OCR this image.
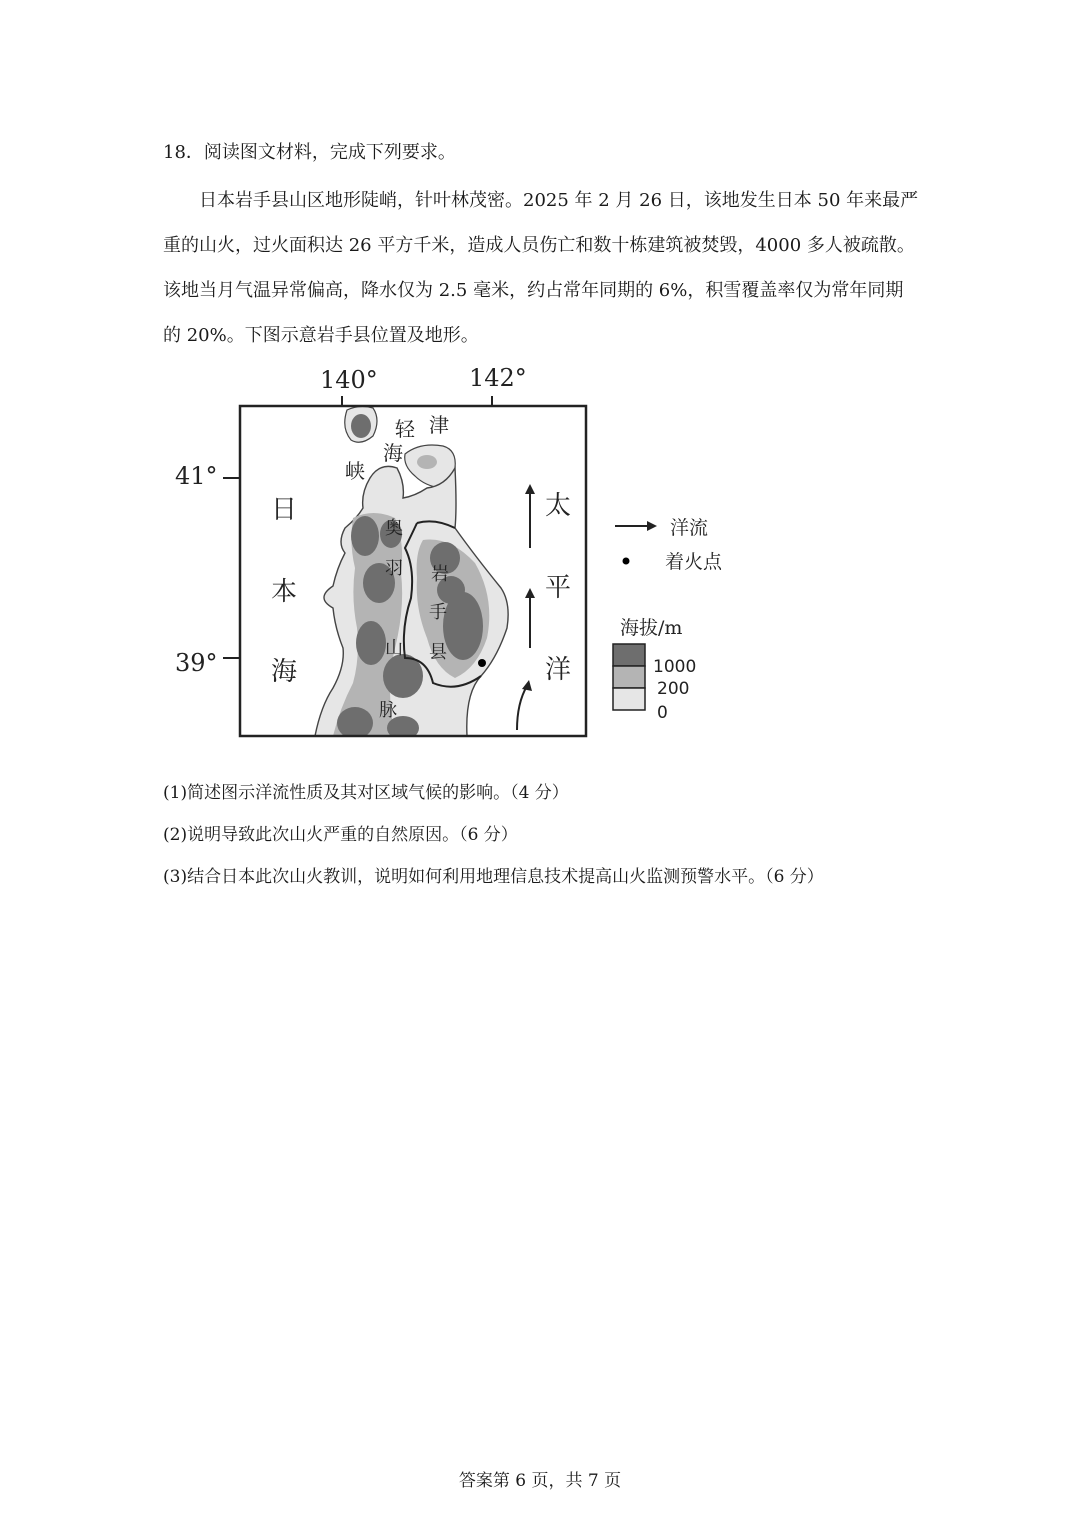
18．阅读图文材料，完成下列要求。

日本岩手县山区地形陡峭，针叶林茂密。2025 年 2 月 26 日，该地发生日本 50 年来最严重的山火，过火面积达 26 平方千米，造成人员伤亡和数十栋建筑被焚毁，4000 多人被疏散。该地当月气温异常偏高，降水仅为 2.5 毫米，约占常年同期的 6%，积雪覆盖率仅为常年同期的 20%。下图示意岩手县位置及地形。

140°	142°
41°
39°
轻 津
海
峡
日
本
海
太
平
洋
奥
羽
山
脉
岩
手
县
洋流
着火点
海拔/m
1000
200
0
(1)简述图示洋流性质及其对区域气候的影响。（4 分）
(2)说明导致此次山火严重的自然原因。（6 分）
(3)结合日本此次山火教训，说明如何利用地理信息技术提高山火监测预警水平。（6 分）
答案第 6 页，共 7 页
